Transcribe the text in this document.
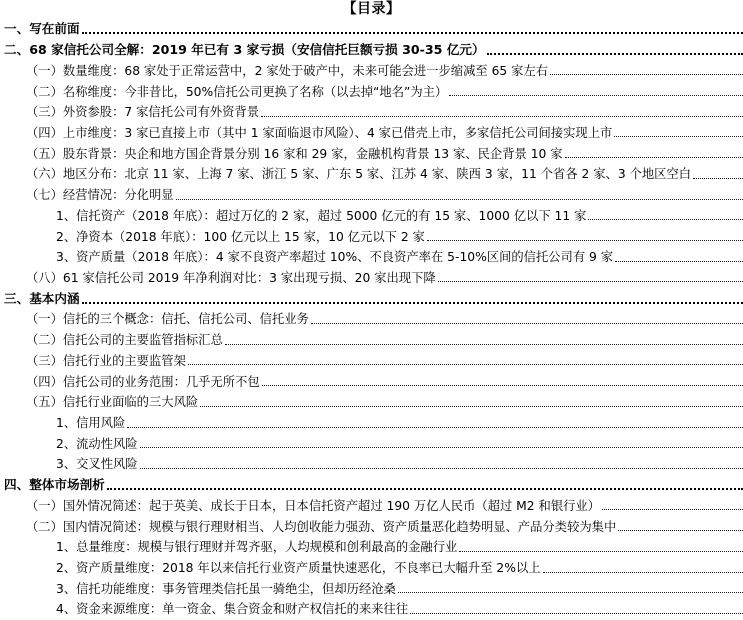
【目录】
一、写在前面
二、68 家信托公司全解：2019 年已有 3 家亏损（安信信托巨额亏损 30-35 亿元）
（一）数量维度：68 家处于正常运营中，2 家处于破产中，未来可能会进一步缩减至 65 家左右
（二）名称维度：今非昔比，50%信托公司更换了名称（以去掉“地名”为主）
（三）外资参股：7 家信托公司有外资背景
（四）上市维度：3 家已直接上市（其中 1 家面临退市风险）、4 家已借壳上市，多家信托公司间接实现上市
（五）股东背景：央企和地方国企背景分别 16 家和 29 家，金融机构背景 13 家、民企背景 10 家
（六）地区分布：北京 11 家、上海 7 家、浙江 5 家、广东 5 家、江苏 4 家、陕西 3 家，11 个省各 2 家、3 个地区空白
（七）经营情况：分化明显
1、信托资产（2018 年底）：超过万亿的 2 家，超过 5000 亿元的有 15 家、1000 亿以下 11 家
2、净资本（2018 年底）：100 亿元以上 15 家，10 亿元以下 2 家
3、资产质量（2018 年底）：4 家不良资产率超过 10%、不良资产率在 5-10%区间的信托公司有 9 家
（八）61 家信托公司 2019 年净利润对比：3 家出现亏损、20 家出现下降
三、基本内涵
（一）信托的三个概念：信托、信托公司、信托业务
（二）信托公司的主要监管指标汇总
（三）信托行业的主要监管架
（四）信托公司的业务范围：几乎无所不包
（五）信托行业面临的三大风险
1、信用风险
2、流动性风险
3、交叉性风险
四、整体市场剖析
（一）国外情况简述：起于英美、成长于日本，日本信托资产超过 190 万亿人民币（超过 M2 和银行业）
（二）国内情况简述：规模与银行理财相当、人均创收能力强劲、资产质量恶化趋势明显、产品分类较为集中
1、总量维度：规模与银行理财并驾齐驱，人均规模和创利最高的金融行业
2、资产质量维度：2018 年以来信托行业资产质量快速恶化，不良率已大幅升至 2%以上
3、信托功能维度：事务管理类信托虽一骑绝尘，但却历经沧桑
4、资金来源维度：单一资金、集合资金和财产权信托的来来往往
